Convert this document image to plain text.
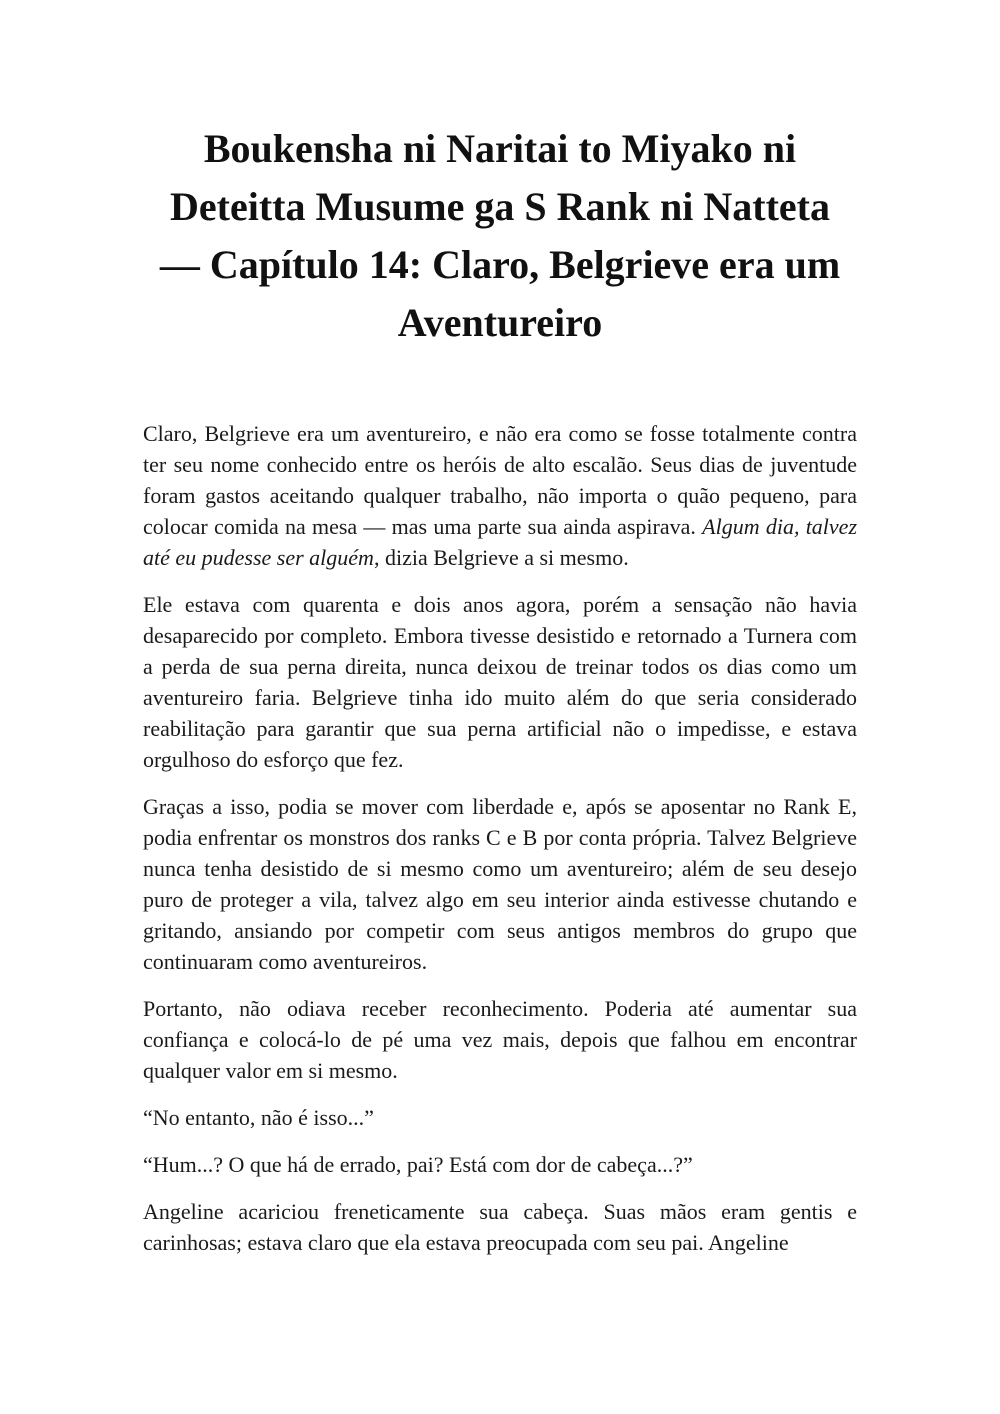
Boukensha ni Naritai to Miyako ni
Deteitta Musume ga S Rank ni Natteta
— Capítulo 14: Claro, Belgrieve era um
Aventureiro

Claro, Belgrieve era um aventureiro, e não era como se fosse totalmente contra ter seu nome conhecido entre os heróis de alto escalão. Seus dias de juventude foram gastos aceitando qualquer trabalho, não importa o quão pequeno, para colocar comida na mesa — mas uma parte sua ainda aspirava. Algum dia, talvez até eu pudesse ser alguém, dizia Belgrieve a si mesmo.

Ele estava com quarenta e dois anos agora, porém a sensação não havia desaparecido por completo. Embora tivesse desistido e retornado a Turnera com a perda de sua perna direita, nunca deixou de treinar todos os dias como um aventureiro faria. Belgrieve tinha ido muito além do que seria considerado reabilitação para garantir que sua perna artificial não o impedisse, e estava orgulhoso do esforço que fez.

Graças a isso, podia se mover com liberdade e, após se aposentar no Rank E, podia enfrentar os monstros dos ranks C e B por conta própria. Talvez Belgrieve nunca tenha desistido de si mesmo como um aventureiro; além de seu desejo puro de proteger a vila, talvez algo em seu interior ainda estivesse chutando e gritando, ansiando por competir com seus antigos membros do grupo que continuaram como aventureiros.

Portanto, não odiava receber reconhecimento. Poderia até aumentar sua confiança e colocá-lo de pé uma vez mais, depois que falhou em encontrar qualquer valor em si mesmo.

“No entanto, não é isso...”

“Hum...? O que há de errado, pai? Está com dor de cabeça...?”

Angeline acariciou freneticamente sua cabeça. Suas mãos eram gentis e carinhosas; estava claro que ela estava preocupada com seu pai. Angeline
